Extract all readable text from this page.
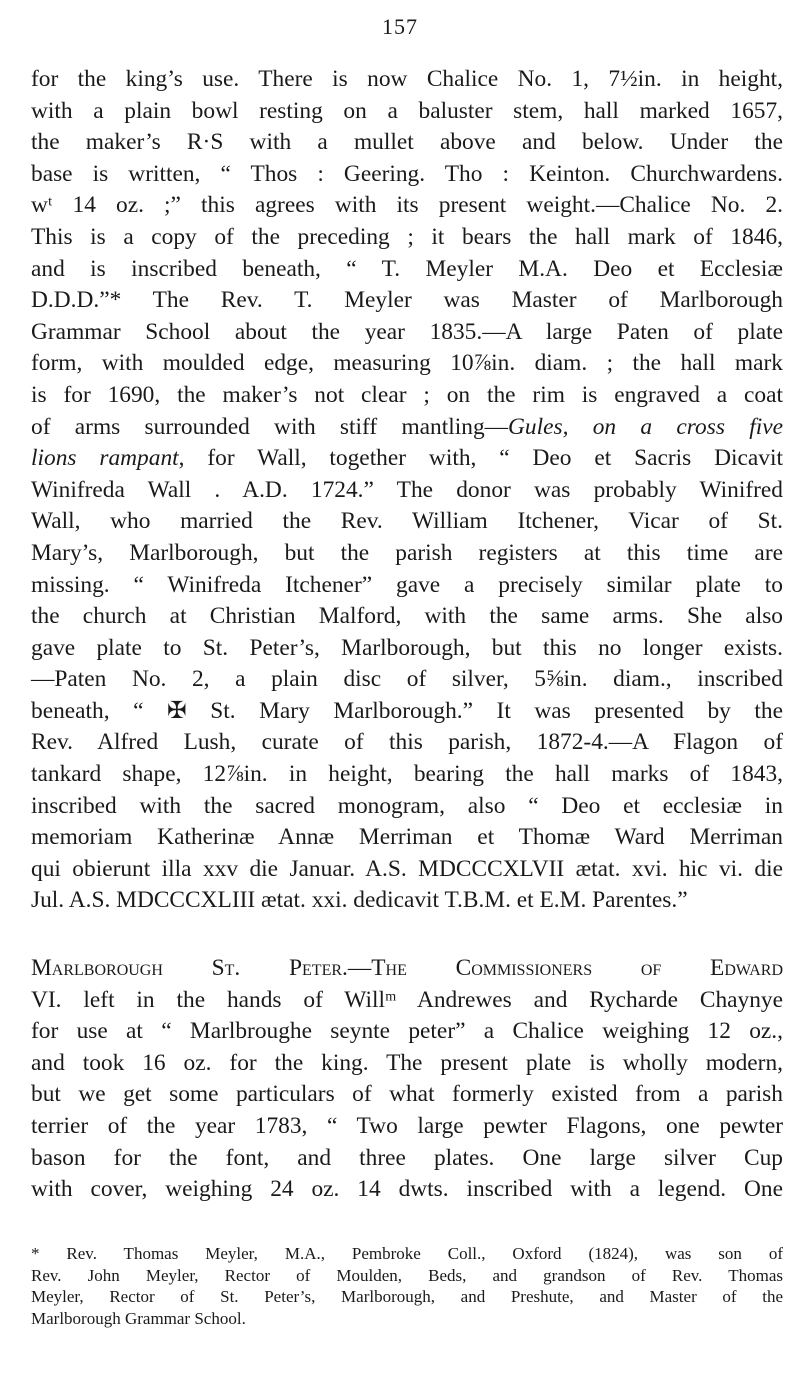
157
for the king’s use. There is now Chalice No. 1, 7½in. in height,
with a plain bowl resting on a baluster stem, hall marked 1657,
the maker’s R·S with a mullet above and below. Under the
base is written, “ Thos : Geering. Tho : Keinton. Churchwardens.
wᵗ 14 oz. ;” this agrees with its present weight.—Chalice No. 2.
This is a copy of the preceding ; it bears the hall mark of 1846,
and is inscribed beneath, “ T. Meyler M.A. Deo et Ecclesiæ
D.D.D.”* The Rev. T. Meyler was Master of Marlborough
Grammar School about the year 1835.—A large Paten of plate
form, with moulded edge, measuring 10⅞in. diam. ; the hall mark
is for 1690, the maker’s not clear ; on the rim is engraved a coat
of arms surrounded with stiff mantling—Gules, on a cross five
lions rampant, for Wall, together with, “ Deo et Sacris Dicavit
Winifreda Wall . A.D. 1724.” The donor was probably Winifred
Wall, who married the Rev. William Itchener, Vicar of St.
Mary’s, Marlborough, but the parish registers at this time are
missing. “ Winifreda Itchener” gave a precisely similar plate to
the church at Christian Malford, with the same arms. She also
gave plate to St. Peter’s, Marlborough, but this no longer exists.
—Paten No. 2, a plain disc of silver, 5⅝in. diam., inscribed
beneath, “ ✠ St. Mary Marlborough.” It was presented by the
Rev. Alfred Lush, curate of this parish, 1872-4.—A Flagon of
tankard shape, 12⅞in. in height, bearing the hall marks of 1843,
inscribed with the sacred monogram, also “ Deo et ecclesiæ in
memoriam Katherinæ Annæ Merriman et Thomæ Ward Merriman
qui obierunt illa xxv die Januar. A.S. MDCCCXLVII ætat. xvi. hic vi. die
Jul. A.S. MDCCCXLIII ætat. xxi. dedicavit T.B.M. et E.M. Parentes.”
Marlborough St. Peter.—The Commissioners of Edward
VI. left in the hands of Willᵐ Andrewes and Rycharde Chaynye
for use at “ Marlbroughe seynte peter” a Chalice weighing 12 oz.,
and took 16 oz. for the king. The present plate is wholly modern,
but we get some particulars of what formerly existed from a parish
terrier of the year 1783, “ Two large pewter Flagons, one pewter
bason for the font, and three plates. One large silver Cup
with cover, weighing 24 oz. 14 dwts. inscribed with a legend. One
* Rev. Thomas Meyler, M.A., Pembroke Coll., Oxford (1824), was son of
Rev. John Meyler, Rector of Moulden, Beds, and grandson of Rev. Thomas
Meyler, Rector of St. Peter’s, Marlborough, and Preshute, and Master of the
Marlborough Grammar School.
